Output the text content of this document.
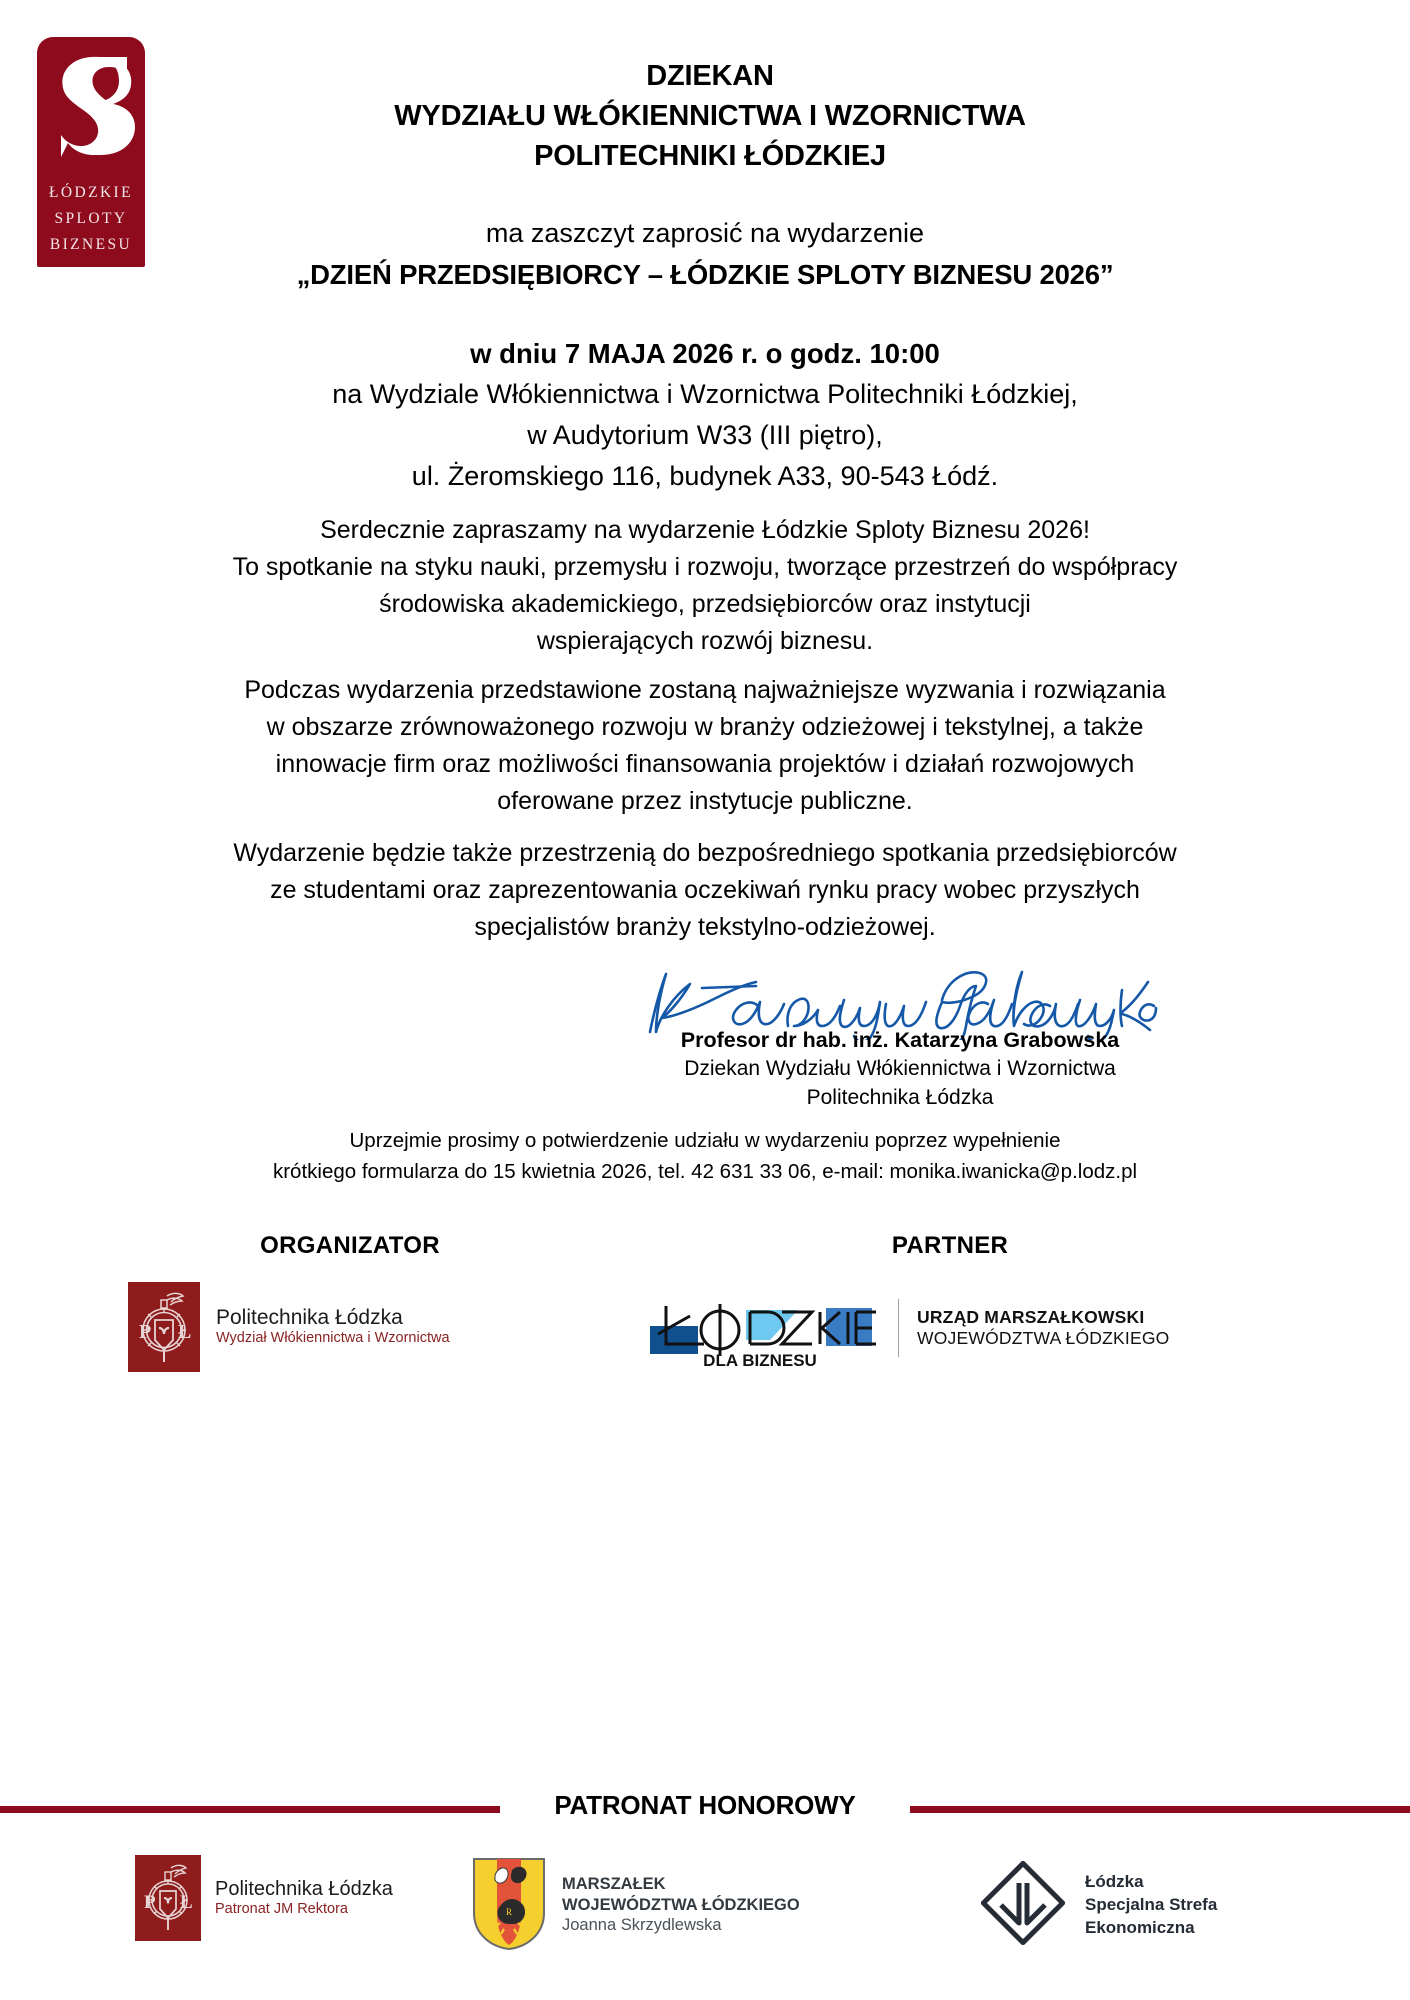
ŁÓDZKIE
SPLOTY
BIZNESU
DZIEKAN
WYDZIAŁU WŁÓKIENNICTWA I WZORNICTWA
POLITECHNIKI ŁÓDZKIEJ
ma zaszczyt zaprosić na wydarzenie
„DZIEŃ PRZEDSIĘBIORCY – ŁÓDZKIE SPLOTY BIZNESU 2026”
w dniu 7 MAJA 2026 r. o godz. 10:00
na Wydziale Włókiennictwa i Wzornictwa Politechniki Łódzkiej,
w Audytorium W33 (III piętro),
ul. Żeromskiego 116, budynek A33, 90-543 Łódź.
Serdecznie zapraszamy na wydarzenie Łódzkie Sploty Biznesu 2026!
To spotkanie na styku nauki, przemysłu i rozwoju, tworzące przestrzeń do współpracy
środowiska akademickiego, przedsiębiorców oraz instytucji
wspierających rozwój biznesu.
Podczas wydarzenia przedstawione zostaną najważniejsze wyzwania i rozwiązania
w obszarze zrównoważonego rozwoju w branży odzieżowej i tekstylnej, a także
innowacje firm oraz możliwości finansowania projektów i działań rozwojowych
oferowane przez instytucje publiczne.
Wydarzenie będzie także przestrzenią do bezpośredniego spotkania przedsiębiorców
ze studentami oraz zaprezentowania oczekiwań rynku pracy wobec przyszłych
specjalistów branży tekstylno-odzieżowej.
Profesor dr hab. inż. Katarzyna Grabowska
Dziekan Wydziału Włókiennictwa i Wzornictwa
Politechnika Łódzka
Uprzejmie prosimy o potwierdzenie udziału w wydarzeniu poprzez wypełnienie
krótkiego formularza do 15 kwietnia 2026, tel. 42 631 33 06, e-mail: monika.iwanicka@p.lodz.pl
ORGANIZATOR
P Ł
Politechnika Łódzka
Wydział Włókiennictwa i Wzornictwa
PARTNER
DLA BIZNESU
URZĄD MARSZAŁKOWSKI
WOJEWÓDZTWA ŁÓDZKIEGO
PATRONAT HONOROWY
P Ł
Politechnika Łódzka
Patronat JM Rektora	R
MARSZAŁEK
WOJEWÓDZTWA ŁÓDZKIEGO
Joanna Skrzydlewska
Łódzka
Specjalna Strefa
Ekonomiczna
